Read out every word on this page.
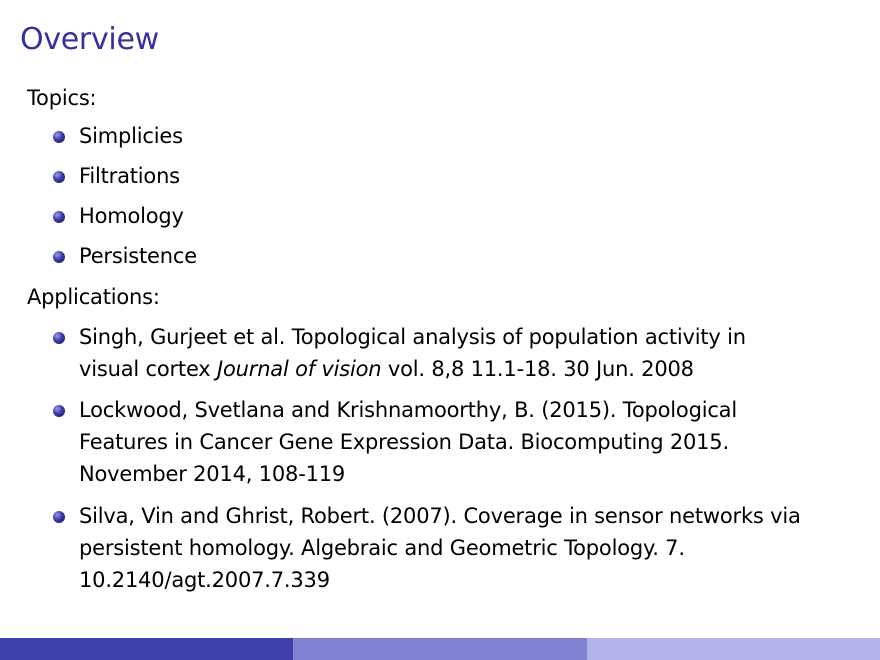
Overview

Topics:

Simplicies

Filtrations

Homology

Persistence

Applications:

Singh, Gurjeet et al. Topological analysis of population activity in
visual cortex Journal of vision vol. 8,8 11.1-18. 30 Jun. 2008
Lockwood, Svetlana and Krishnamoorthy, B. (2015). Topological
Features in Cancer Gene Expression Data. Biocomputing 2015.
November 2014, 108-119
Silva, Vin and Ghrist, Robert. (2007). Coverage in sensor networks via
persistent homology. Algebraic and Geometric Topology. 7.
10.2140/agt.2007.7.339
